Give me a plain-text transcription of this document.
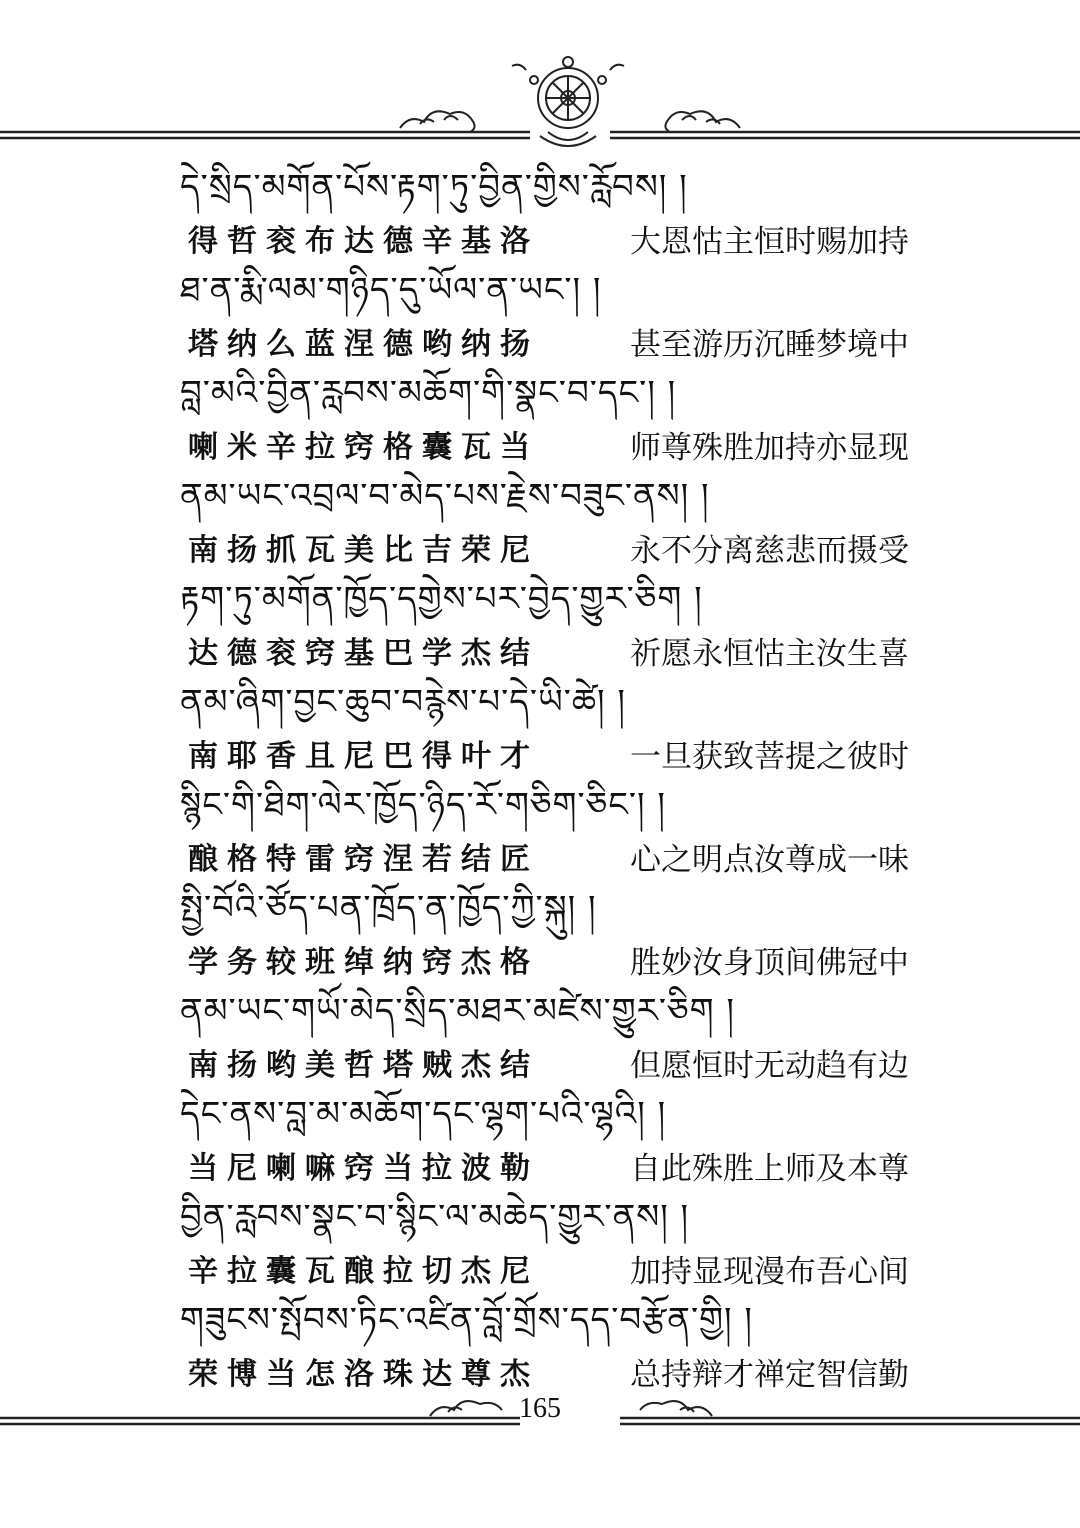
དེ་སྲིད་མགོན་པོས་རྟག་ཏུ་བྱིན་གྱིས་རློབས། །
得哲衮布达德辛基洛	大恩怙主恒时赐加持
ཐ་ན་རྨི་ལམ་གཉིད་དུ་ཡོལ་ན་ཡང་། །
塔纳么蓝涅德哟纳扬	甚至游历沉睡梦境中
བླ་མའི་བྱིན་རླབས་མཆོག་གི་སྣང་བ་དང་། །
喇米辛拉窍格囊瓦当	师尊殊胜加持亦显现
ནམ་ཡང་འབྲལ་བ་མེད་པས་རྗེས་བཟུང་ནས། །
南扬抓瓦美比吉荣尼	永不分离慈悲而摄受
རྟག་ཏུ་མགོན་ཁྱོད་དགྱེས་པར་བྱེད་གྱུར་ཅིག །
达德衮窍基巴学杰结	祈愿永恒怙主汝生喜
ནམ་ཞིག་བྱང་ཆུབ་བརྙེས་པ་དེ་ཡི་ཚེ། །
南耶香且尼巴得叶才	一旦获致菩提之彼时
སྙིང་གི་ཐིག་ལེར་ཁྱོད་ཉིད་རོ་གཅིག་ཅིང་། །
酿格特雷窍涅若结匠	心之明点汝尊成一味
སྤྱི་བོའི་ཙོད་པན་ཁྲོད་ན་ཁྱོད་ཀྱི་སྐུ། །
学务较班绰纳窍杰格	胜妙汝身顶间佛冠中
ནམ་ཡང་གཡོ་མེད་སྲིད་མཐར་མཛེས་གྱུར་ཅིག །
南扬哟美哲塔贼杰结	但愿恒时无动趋有边
དེང་ནས་བླ་མ་མཆོག་དང་ལྷག་པའི་ལྷའི། །
当尼喇嘛窍当拉波勒	自此殊胜上师及本尊
བྱིན་རླབས་སྣང་བ་སྙིང་ལ་མཆེད་གྱུར་ནས། །
辛拉囊瓦酿拉切杰尼	加持显现漫布吾心间
གཟུངས་སྤོབས་ཏིང་འཛིན་བློ་གྲོས་དད་བརྩོན་གྱི། །
荣博当怎洛珠达尊杰	总持辩才禅定智信勤
165
